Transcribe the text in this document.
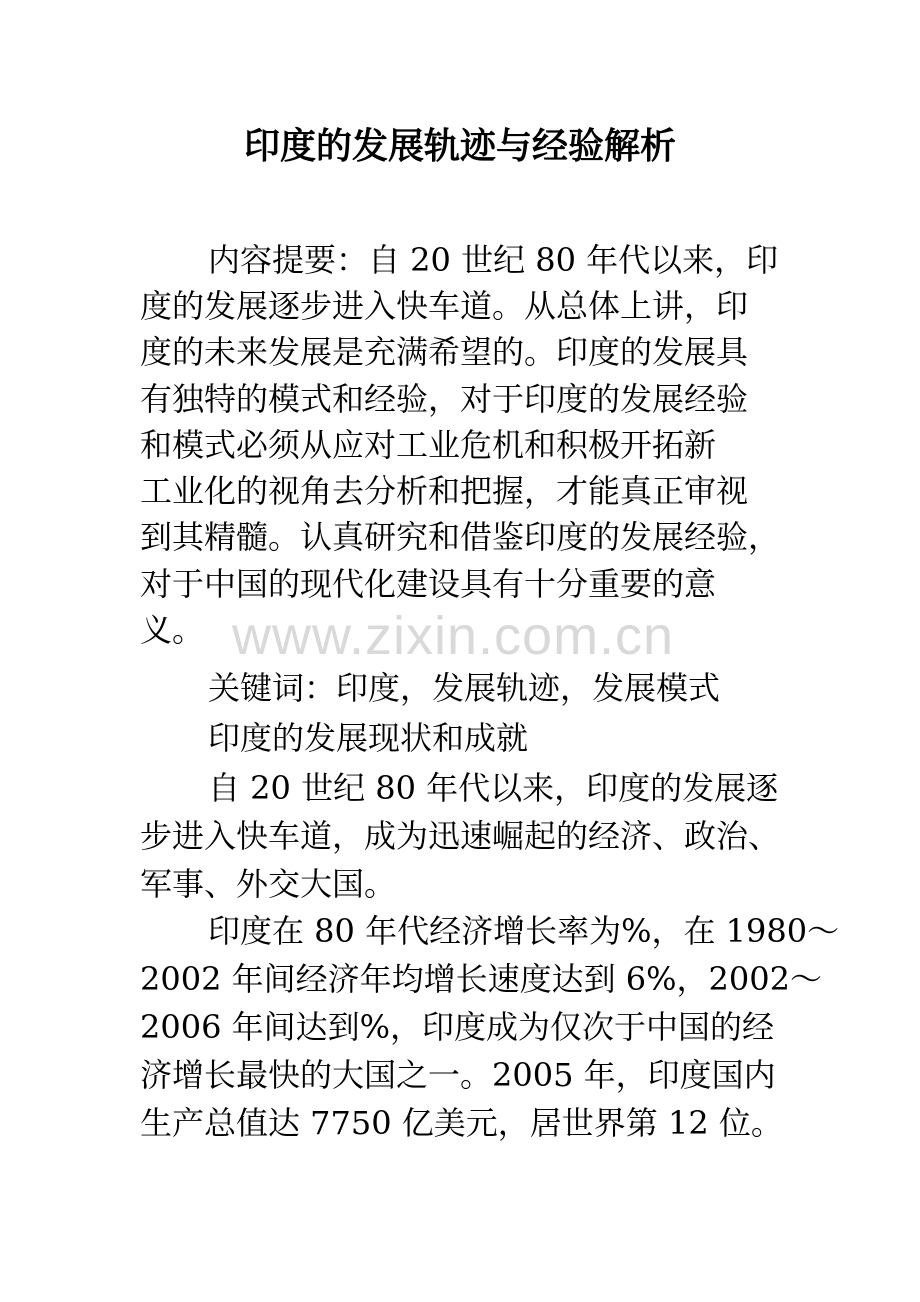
印度的发展轨迹与经验解析
内容提要：自 20 世纪 80 年代以来，印
度的发展逐步进入快车道。从总体上讲，印
度的未来发展是充满希望的。印度的发展具
有独特的模式和经验，对于印度的发展经验
和模式必须从应对工业危机和积极开拓新
工业化的视角去分析和把握，才能真正审视
到其精髓。认真研究和借鉴印度的发展经验，
对于中国的现代化建设具有十分重要的意
义。 www.zixin.com.cn
关键词：印度，发展轨迹，发展模式
印度的发展现状和成就
自 20 世纪 80 年代以来，印度的发展逐
步进入快车道，成为迅速崛起的经济、政治、
军事、外交大国。
印度在 80 年代经济增长率为%，在 1980～
2002 年间经济年均增长速度达到 6%，2002～
2006 年间达到%，印度成为仅次于中国的经
济增长最快的大国之一。2005 年，印度国内
生产总值达 7750 亿美元，居世界第 12 位。
